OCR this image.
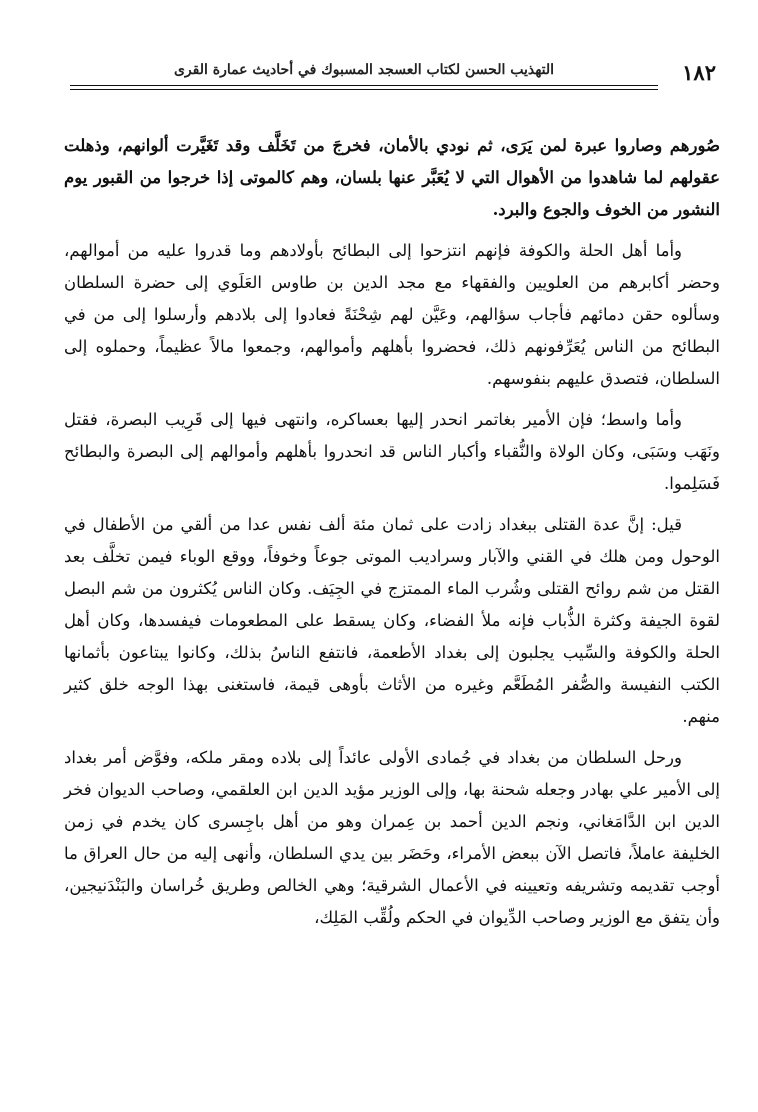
١٨٢
التهذيب الحسن لكتاب العسجد المسبوك في أحاديث عمارة القرى

صُورهم وصاروا عبرة لمن يَرَى، ثم نودي بالأمان، فخرجَ من تَخَلَّف وقد تَغَيَّرت ألوانهم، وذهلت عقولهم لما شاهدوا من الأهوال التي لا يُعَبَّر عنها بلسان، وهم كالموتى إذا خرجوا من القبور يوم النشور من الخوف والجوع والبرد.

وأما أهل الحلة والكوفة فإنهم انتزحوا إلى البطائح بأولادهم وما قدروا عليه من أموالهم، وحضر أكابرهم من العلويين والفقهاء مع مجد الدين بن طاوس العَلَوي إلى حضرة السلطان وسألوه حقن دمائهم فأجاب سؤالهم، وعَيَّن لهم شِحْنَةً فعادوا إلى بلادهم وأرسلوا إلى من في البطائح من الناس يُعَرِّفونهم ذلك، فحضروا بأهلهم وأموالهم، وجمعوا مالاً عظيماً، وحملوه إلى السلطان، فتصدق عليهم بنفوسهم.

وأما واسط؛ فإن الأمير بغاتمر انحدر إليها بعساكره، وانتهى فيها إلى قَرِيب البصرة، فقتل ونَهَب وسَبَى، وكان الولاة والنُّقباء وأكبار الناس قد انحدروا بأهلهم وأموالهم إلى البصرة والبطائح فَسَلِموا.

قيل: إنَّ عدة القتلى ببغداد زادت على ثمان مئة ألف نفس عدا من ألقي من الأطفال في الوحول ومن هلك في القني والآبار وسراديب الموتى جوعاً وخوفاً، ووقع الوباء فيمن تخلَّف بعد القتل من شم روائح القتلى وشُرب الماء الممتزج في الجِيَف. وكان الناس يُكثرون من شم البصل لقوة الجيفة وكثرة الذُّباب فإنه ملأ الفضاء، وكان يسقط على المطعومات فيفسدها، وكان أهل الحلة والكوفة والسِّيب يجلبون إلى بغداد الأطعمة، فانتفع الناسُ بذلك، وكانوا يبتاعون بأثمانها الكتب النفيسة والصُّفر المُطَعَّم وغيره من الأثاث بأوهى قيمة، فاستغنى بهذا الوجه خلق كثير منهم.

ورحل السلطان من بغداد في جُمادى الأولى عائداً إلى بلاده ومقر ملكه، وفوَّض أمر بغداد إلى الأمير علي بهادر وجعله شحنة بها، وإلى الوزير مؤيد الدين ابن العلقمي، وصاحب الديوان فخر الدين ابن الدَّامَغاني، ونجم الدين أحمد بن عِمران وهو من أهل باجِسرى كان يخدم في زمن الخليفة عاملاً، فاتصل الآن ببعض الأمراء، وحَضَر بين يدي السلطان، وأنهى إليه من حال العراق ما أوجب تقديمه وتشريفه وتعيينه في الأعمال الشرقية؛ وهي الخالص وطريق خُراسان والبَنْدَنيجين، وأن يتفق مع الوزير وصاحب الدِّيوان في الحكم ولُقِّب المَلِك،
